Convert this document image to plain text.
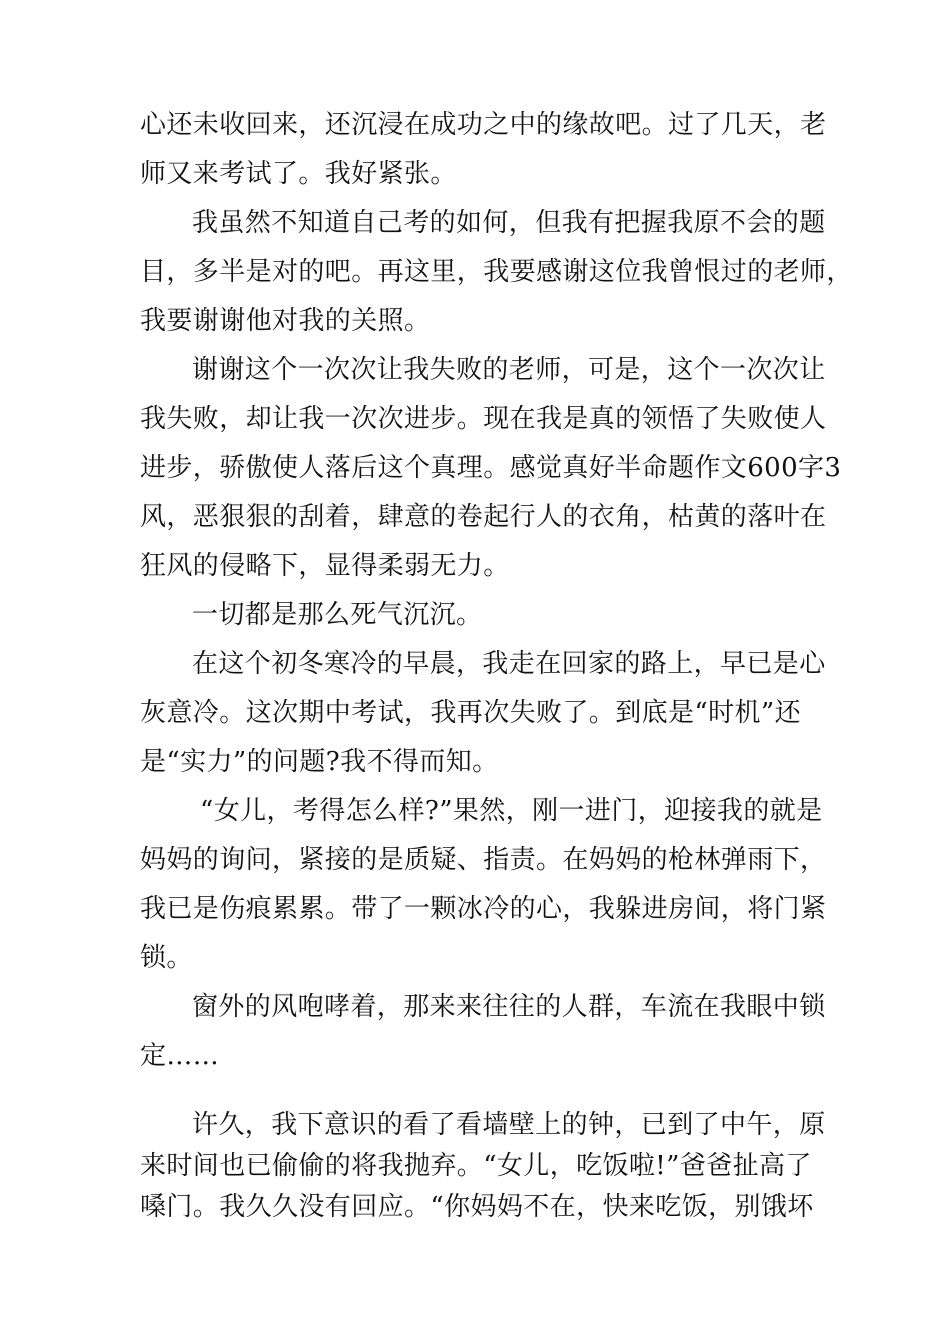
心还未收回来，还沉浸在成功之中的缘故吧。过了几天，老
师又来考试了。我好紧张。
我虽然不知道自己考的如何，但我有把握我原不会的题
目，多半是对的吧。再这里，我要感谢这位我曾恨过的老师，
我要谢谢他对我的关照。
谢谢这个一次次让我失败的老师，可是，这个一次次让
我失败，却让我一次次进步。现在我是真的领悟了失败使人
进步，骄傲使人落后这个真理。感觉真好半命题作文600字3
风，恶狠狠的刮着，肆意的卷起行人的衣角，枯黄的落叶在
狂风的侵略下，显得柔弱无力。
一切都是那么死气沉沉。
在这个初冬寒冷的早晨，我走在回家的路上，早已是心
灰意冷。这次期中考试，我再次失败了。到底是“时机”还
是“实力”的问题?我不得而知。
“女儿，考得怎么样?”果然，刚一进门，迎接我的就是
妈妈的询问，紧接的是质疑、指责。在妈妈的枪林弹雨下，
我已是伤痕累累。带了一颗冰冷的心，我躲进房间，将门紧
锁。
窗外的风咆哮着，那来来往往的人群，车流在我眼中锁
定……
许久，我下意识的看了看墙壁上的钟，已到了中午，原
来时间也已偷偷的将我抛弃。“女儿，吃饭啦!”爸爸扯高了
嗓门。我久久没有回应。“你妈妈不在，快来吃饭，别饿坏
